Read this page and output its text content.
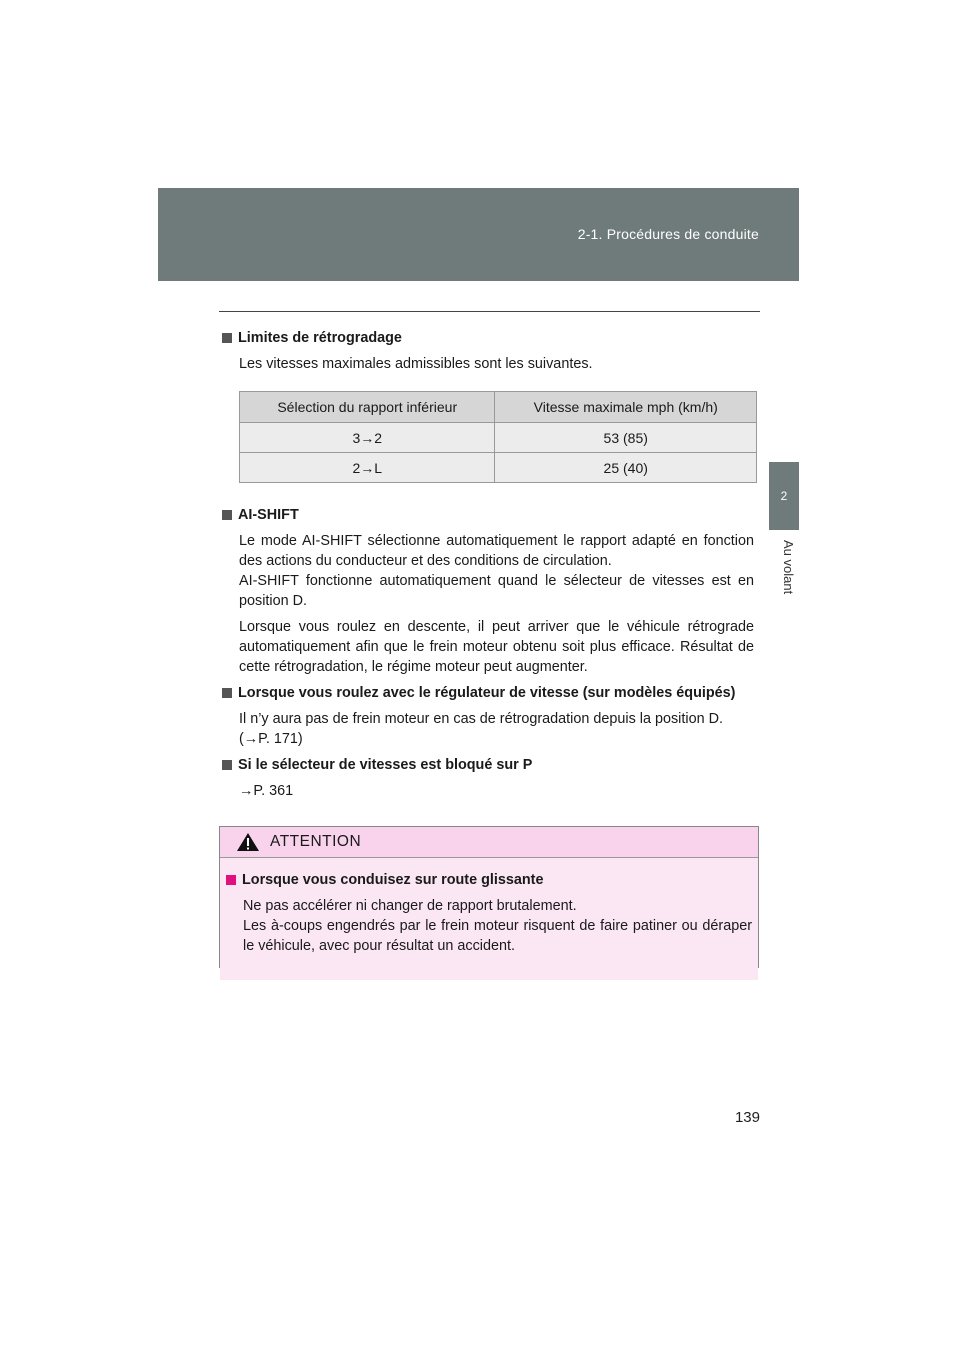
2-1. Procédures de conduite
2
Au volant

Limites de rétrogradage

Les vitesses maximales admissibles sont les suivantes.

Sélection du rapport inférieur	Vitesse maximale mph (km/h)
3→2	53 (85)
2→L	25 (40)

AI-SHIFT

Le mode AI-SHIFT sélectionne automatiquement le rapport adapté en fonction des actions du conducteur et des conditions de circulation.

AI-SHIFT fonctionne automatiquement quand le sélecteur de vitesses est en position D.

Lorsque vous roulez en descente, il peut arriver que le véhicule rétrograde automatiquement afin que le frein moteur obtenu soit plus efficace. Résultat de cette rétrogradation, le régime moteur peut augmenter.

Lorsque vous roulez avec le régulateur de vitesse (sur modèles équipés)

Il n’y aura pas de frein moteur en cas de rétrogradation depuis la position D.

(→P. 171)

Si le sélecteur de vitesses est bloqué sur P

→P. 361

ATTENTION

Lorsque vous conduisez sur route glissante

Ne pas accélérer ni changer de rapport brutalement.

Les à-coups engendrés par le frein moteur risquent de faire patiner ou déraper le véhicule, avec pour résultat un accident.

139
